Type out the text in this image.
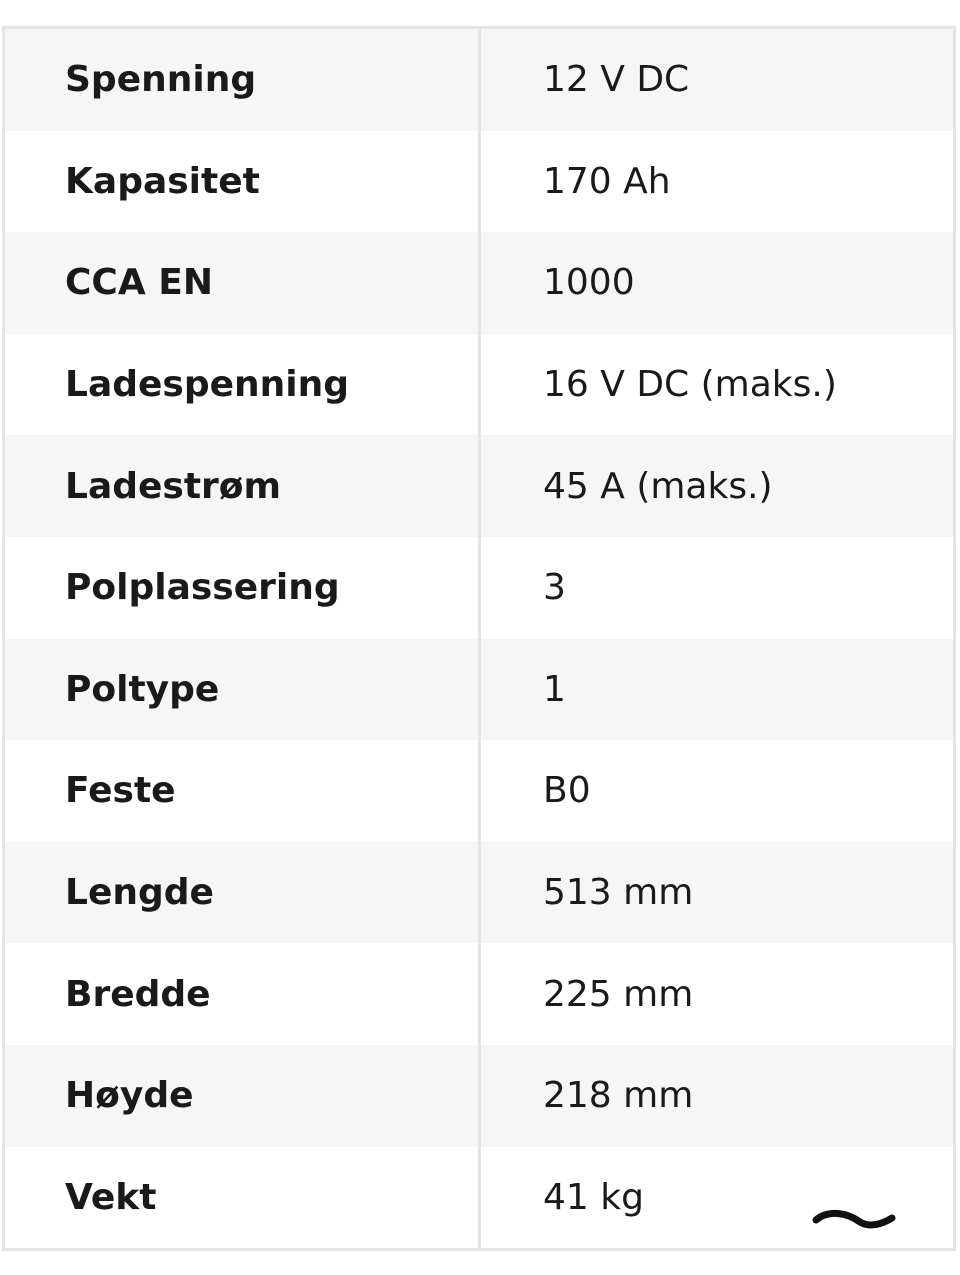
Spenning	12 V DC
Kapasitet	170 Ah
CCA EN	1000
Ladespenning	16 V DC (maks.)
Ladestrøm	45 A (maks.)
Polplassering	3
Poltype	1
Feste	B0
Lengde	513 mm
Bredde	225 mm
Høyde	218 mm
Vekt	41 kg
